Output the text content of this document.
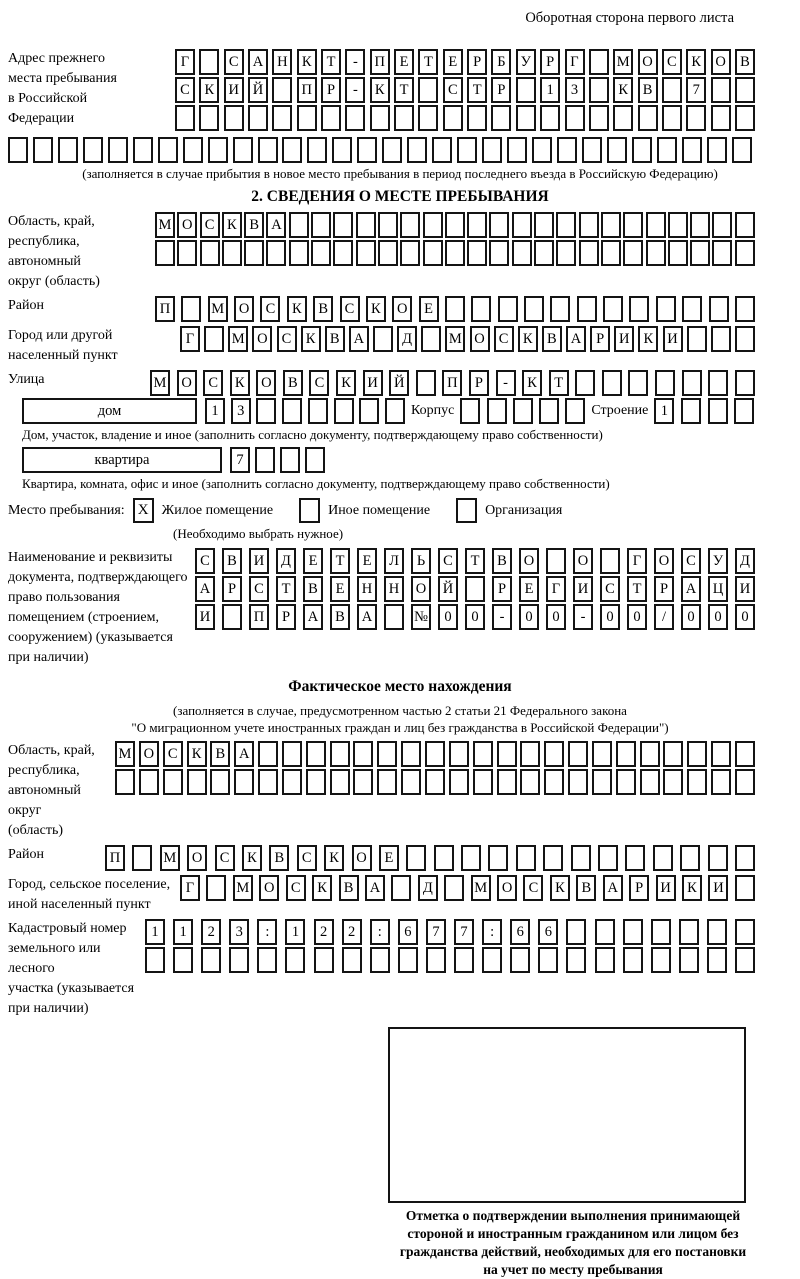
Оборотная сторона первого листа
Адрес прежнего
места пребывания
в Российской
Федерации
Г	С А Н К	Т	-	П	Е	Т	Е	Р	Б	У	Р	Г	М О С	К О В
С	К И Й	П	Р	-	К	Т	С	Т	Р	1	3	К	В	7
(заполняется в случае прибытия в новое место пребывания в период последнего въезда в Российскую Федерацию)
2. СВЕДЕНИЯ О МЕСТЕ ПРЕБЫВАНИЯ
Область, край,
республика,
автономный
округ (область)
М О С К В А
Район	П	М	О	С	К	В	С	К	О	Е
Город или другой
населенный пункт
Г	М О С К В А	Д	М О С К В А	Р	И К И
Улица	М	О	С	К	О	В	С	К	И	Й	П	Р	-	К	Т
дом	1	3	Корпус	Строение 1
Дом, участок, владение и иное (заполнить согласно документу, подтверждающему право собственности)
квартира	7
Квартира, комната, офис и иное (заполнить согласно документу, подтверждающему право собственности)
Место пребывания: X Жилое помещение	Иное помещение	Организация
(Необходимо выбрать нужное)
Наименование и реквизиты
документа, подтверждающего
право пользования
помещением (строением,
сооружением) (указывается
при наличии)
С	В	И	Д	Е	Т	Е	Л	Ь	С	Т	В	О	О	Г	О	С	У	Д
А	Р	С	Т	В	Е	Н	Н	О	Й	Р	Е	Г	И	С	Т	Р	А	Ц	И
И	П	Р	А	В	А	№	0	0	-	0	0	-	0	0	/	0	0	0
Фактическое место нахождения
(заполняется в случае, предусмотренном частью 2 статьи 21 Федерального закона
"О миграционном учете иностранных граждан и лиц без гражданства в Российской Федерации")
Область, край,
республика,
автономный округ
(область)
М О С К В А
Район	П	М	О	С	К	В	С	К	О	Е
Город, сельское поселение,
иной населенный пункт
Г	М	О	С	К	В	А	Д	М	О	С	К	В	А	Р	И	К	И
Кадастровый номер
земельного или лесного
участка (указывается
при наличии)
1	1	2	3	:	1	2	2	:	6	7	7	:	6	6
Отметка о подтверждении выполнения принимающей
стороной и иностранным гражданином или лицом без
гражданства действий, необходимых для его постановки
на учет по месту пребывания
